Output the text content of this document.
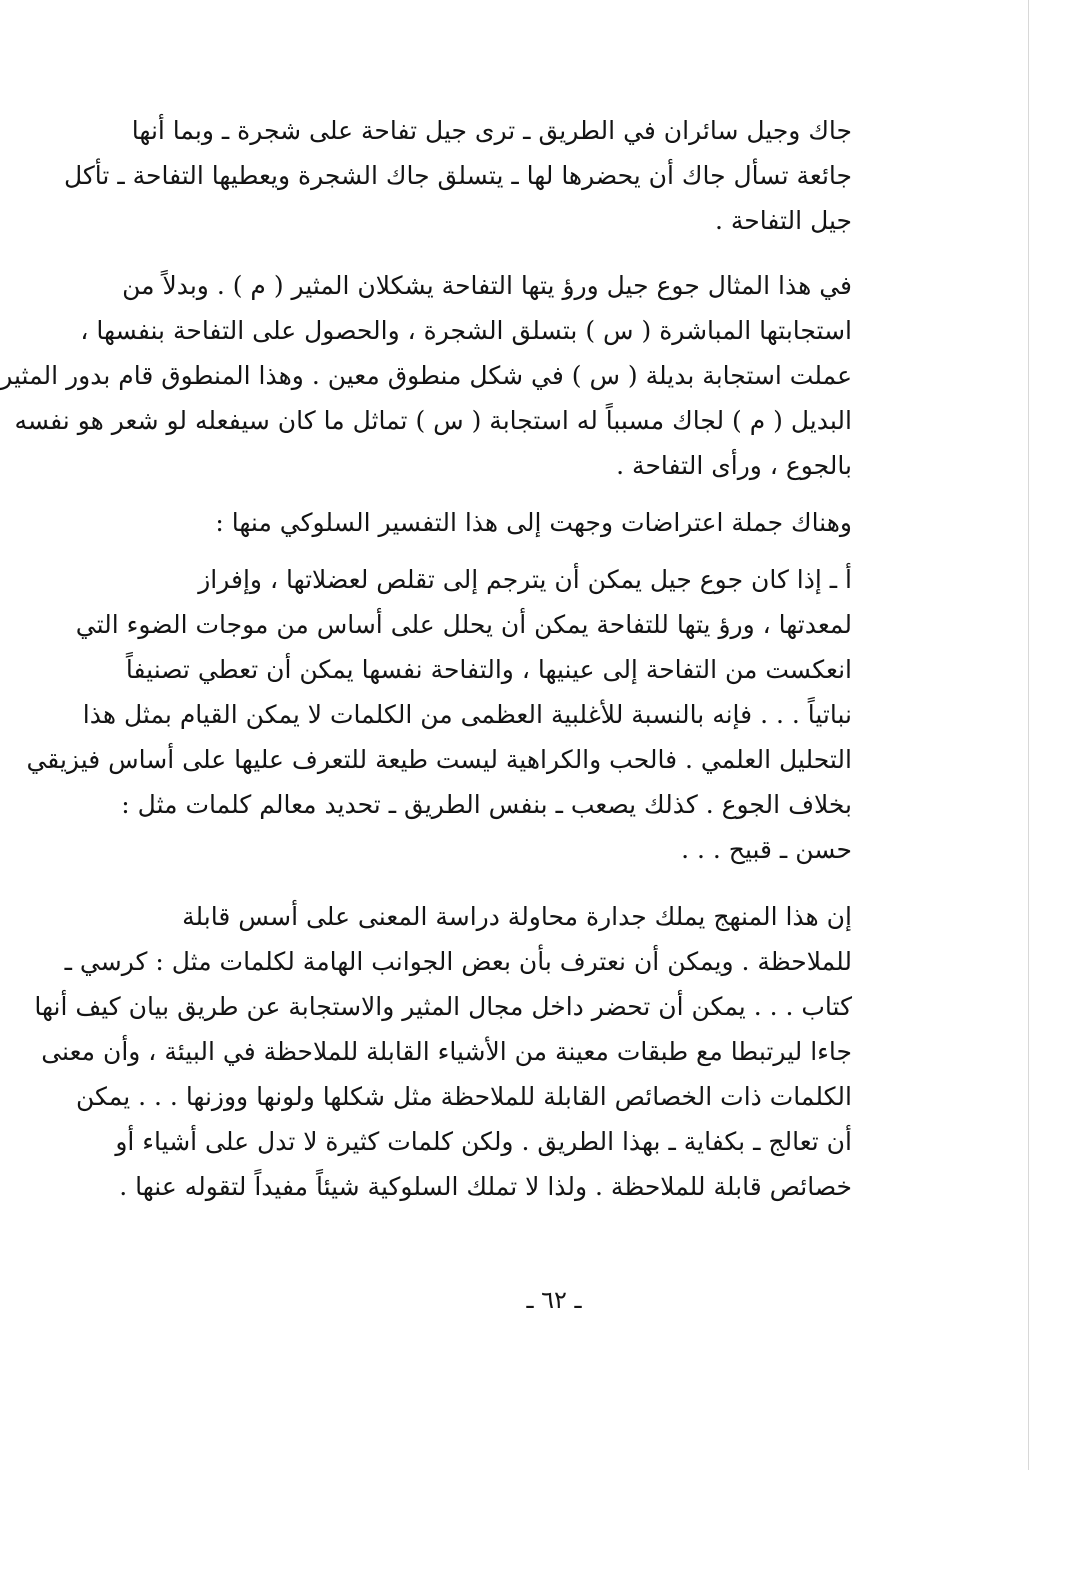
جاك وجيل سائران في الطريق ـ ترى جيل تفاحة على شجرة ـ وبما أنها
جائعة تسأل جاك أن يحضرها لها ـ يتسلق جاك الشجرة ويعطيها التفاحة ـ تأكل
جيل التفاحة .

في هذا المثال جوع جيل ورؤ يتها التفاحة يشكلان المثير ( م ) . وبدلاً من
استجابتها المباشرة ( س ) بتسلق الشجرة ، والحصول على التفاحة بنفسها ،
عملت استجابة بديلة ( س ) في شكل منطوق معين . وهذا المنطوق قام بدور المثير
البديل ( م ) لجاك مسبباً له استجابة ( س ) تماثل ما كان سيفعله لو شعر هو نفسه
بالجوع ، ورأى التفاحة .

وهناك جملة اعتراضات وجهت إلى هذا التفسير السلوكي منها :

أ ـ إذا كان جوع جيل يمكن أن يترجم إلى تقلص لعضلاتها ، وإفراز
لمعدتها ، ورؤ يتها للتفاحة يمكن أن يحلل على أساس من موجات الضوء التي
انعكست من التفاحة إلى عينيها ، والتفاحة نفسها يمكن أن تعطي تصنيفاً
نباتياً . . . فإنه بالنسبة للأغلبية العظمى من الكلمات لا يمكن القيام بمثل هذا
التحليل العلمي . فالحب والكراهية ليست طيعة للتعرف عليها على أساس فيزيقي
بخلاف الجوع . كذلك يصعب ـ بنفس الطريق ـ تحديد معالم كلمات مثل :
حسن ـ قبيح . . .

إن هذا المنهج يملك جدارة محاولة دراسة المعنى على أسس قابلة
للملاحظة . ويمكن أن نعترف بأن بعض الجوانب الهامة لكلمات مثل : كرسي ـ
كتاب . . . يمكن أن تحضر داخل مجال المثير والاستجابة عن طريق بيان كيف أنها
جاءا ليرتبطا مع طبقات معينة من الأشياء القابلة للملاحظة في البيئة ، وأن معنى
الكلمات ذات الخصائص القابلة للملاحظة مثل شكلها ولونها ووزنها . . . يمكن
أن تعالج ـ بكفاية ـ بهذا الطريق . ولكن كلمات كثيرة لا تدل على أشياء أو
خصائص قابلة للملاحظة . ولذا لا تملك السلوكية شيئاً مفيداً لتقوله عنها .

ـ ٦٢ ـ
